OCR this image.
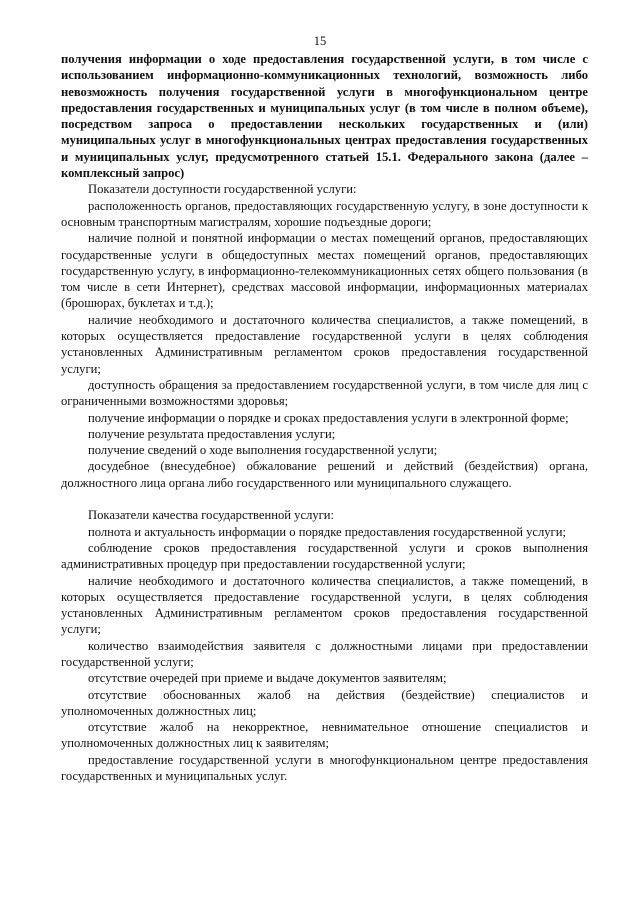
15

получения информации о ходе предоставления государственной услуги, в том числе с использованием информационно-коммуникационных технологий, возможность либо невозможность получения государственной услуги в многофункциональном центре предоставления государственных и муниципальных услуг (в том числе в полном объеме), посредством запроса о предоставлении нескольких государственных и (или) муниципальных услуг в многофункциональных центрах предоставления государственных и муниципальных услуг, предусмотренного статьей 15.1. Федерального закона (далее – комплексный запрос)

Показатели доступности государственной услуги:

расположенность органов, предоставляющих государственную услугу, в зоне доступности к основным транспортным магистралям, хорошие подъездные дороги;

наличие полной и понятной информации о местах помещений органов, предоставляющих государственные услуги в общедоступных местах помещений органов, предоставляющих государственную услугу, в информационно-телекоммуникационных сетях общего пользования (в том числе в сети Интернет), средствах массовой информации, информационных материалах (брошюрах, буклетах и т.д.);

наличие необходимого и достаточного количества специалистов, а также помещений, в которых осуществляется предоставление государственной услуги в целях соблюдения установленных Административным регламентом сроков предоставления государственной услуги;

доступность обращения за предоставлением государственной услуги, в том числе для лиц с ограниченными возможностями здоровья;

получение информации о порядке и сроках предоставления услуги в электронной форме;

получение результата предоставления услуги;

получение сведений о ходе выполнения государственной услуги;

досудебное (внесудебное) обжалование решений и действий (бездействия) органа, должностного лица органа либо государственного или муниципального служащего.

Показатели качества государственной услуги:

полнота и актуальность информации о порядке предоставления государственной услуги;

соблюдение сроков предоставления государственной услуги и сроков выполнения административных процедур при предоставлении государственной услуги;

наличие необходимого и достаточного количества специалистов, а также помещений, в которых осуществляется предоставление государственной услуги, в целях соблюдения установленных Административным регламентом сроков предоставления государственной услуги;

количество взаимодействия заявителя с должностными лицами при предоставлении государственной услуги;

отсутствие очередей при приеме и выдаче документов заявителям;

отсутствие обоснованных жалоб на действия (бездействие) специалистов и уполномоченных должностных лиц;

отсутствие жалоб на некорректное, невнимательное отношение специалистов и уполномоченных должностных лиц к заявителям;

предоставление государственной услуги в многофункциональном центре предоставления государственных и муниципальных услуг.
